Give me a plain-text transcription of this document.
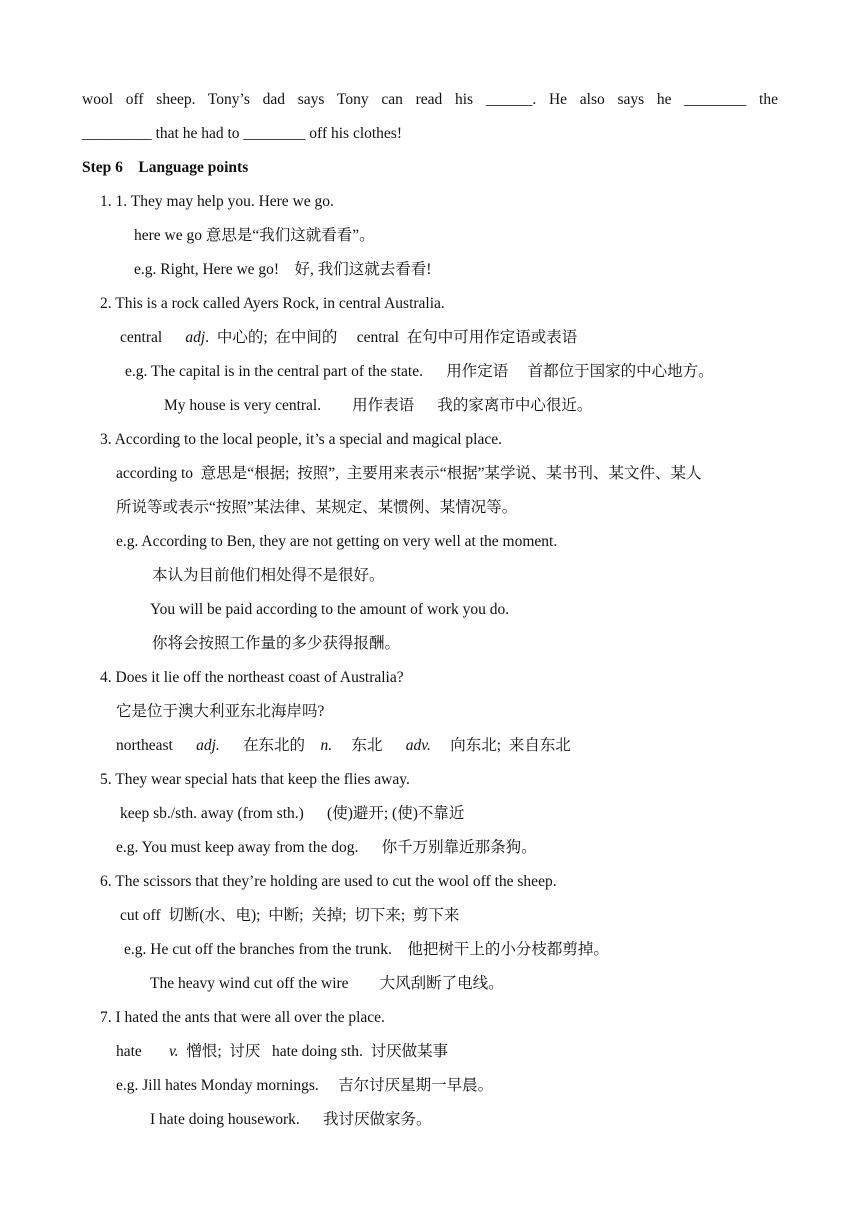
wool off sheep. Tony’s dad says Tony can read his ______. He also says he ________ the
_________ that he had to ________ off his clothes!
Step 6    Language points
1. 1. They may help you. Here we go.
here we go 意思是“我们这就看看”。
e.g. Right, Here we go!    好, 我们这就去看看!
2. This is a rock called Ayers Rock, in central Australia.
central adj.  中心的;  在中间的     central  在句中可用作定语或表语
e.g. The capital is in the central part of the state.      用作定语     首都位于国家的中心地方。
My house is very central.        用作表语      我的家离市中心很近。
3. According to the local people, it’s a special and magical place.
according to  意思是“根据;  按照”,  主要用来表示“根据”某学说、某书刊、某文件、某人
所说等或表示“按照”某法律、某规定、某惯例、某情况等。
e.g. According to Ben, they are not getting on very well at the moment.
本认为目前他们相处得不是很好。
You will be paid according to the amount of work you do.
你将会按照工作量的多少获得报酬。
4. Does it lie off the northeast coast of Australia?
它是位于澳大利亚东北海岸吗?
northeast adj. 在东北的 n. 东北 adv. 向东北;  来自东北
5. They wear special hats that keep the flies away.
keep sb./sth. away (from sth.)      (使)避开; (使)不靠近
e.g. You must keep away from the dog.      你千万别靠近那条狗。
6. The scissors that they’re holding are used to cut the wool off the sheep.
cut off  切断(水、电);  中断;  关掉;  切下来;  剪下来
e.g. He cut off the branches from the trunk.    他把树干上的小分枝都剪掉。
The heavy wind cut off the wire        大风刮断了电线。
7. I hated the ants that were all over the place.
hate v. 憎恨;  讨厌   hate doing sth.  讨厌做某事
e.g. Jill hates Monday mornings.     吉尔讨厌星期一早晨。
I hate doing housework.      我讨厌做家务。
